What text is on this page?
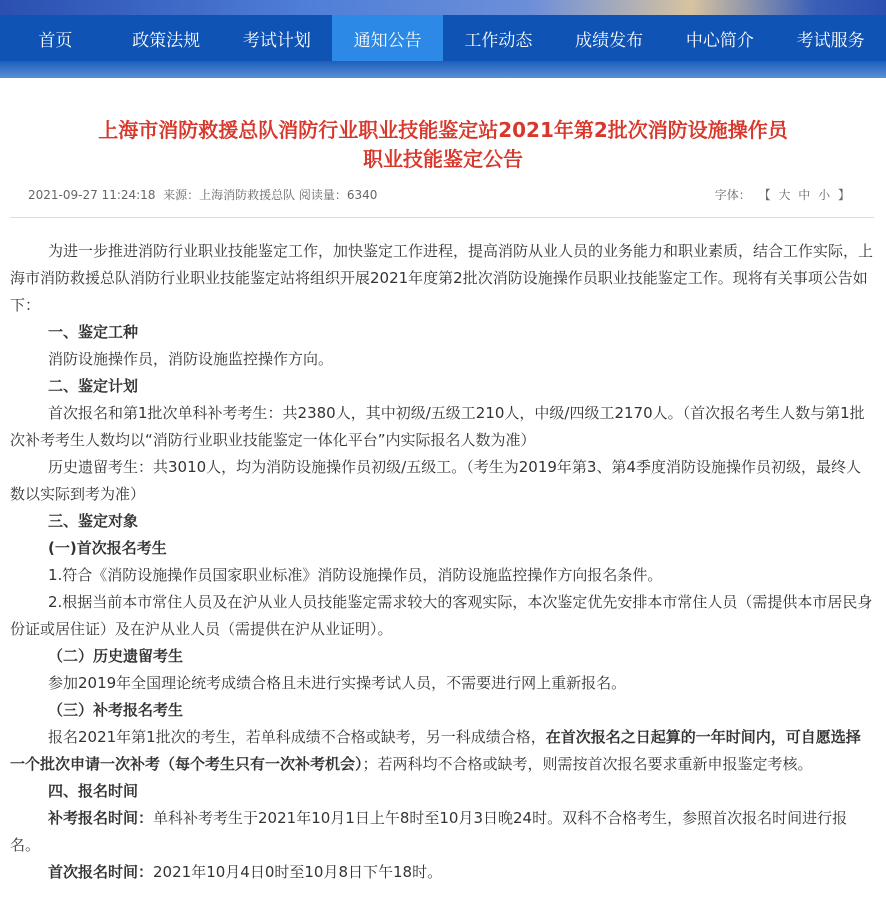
首页	政策法规	考试计划	通知公告	工作动态	成绩发布	中心简介	考试服务
上海市消防救援总队消防行业职业技能鉴定站2021年第2批次消防设施操作员
职业技能鉴定公告
2021-09-27 11:24:18  来源：上海消防救援总队 阅读量：6340	字体： 【 大 中 小 】

为进一步推进消防行业职业技能鉴定工作，加快鉴定工作进程，提高消防从业人员的业务能力和职业素质，结合工作实际，上海市消防救援总队消防行业职业技能鉴定站将组织开展2021年度第2批次消防设施操作员职业技能鉴定工作。现将有关事项公告如下：

一、鉴定工种

消防设施操作员，消防设施监控操作方向。

二、鉴定计划

首次报名和第1批次单科补考考生：共2380人，其中初级/五级工210人，中级/四级工2170人。（首次报名考生人数与第1批次补考考生人数均以“消防行业职业技能鉴定一体化平台”内实际报名人数为准）

历史遗留考生：共3010人，均为消防设施操作员初级/五级工。（考生为2019年第3、第4季度消防设施操作员初级，最终人数以实际到考为准）

三、鉴定对象

(一)首次报名考生

1.符合《消防设施操作员国家职业标准》消防设施操作员，消防设施监控操作方向报名条件。

2.根据当前本市常住人员及在沪从业人员技能鉴定需求较大的客观实际，本次鉴定优先安排本市常住人员（需提供本市居民身份证或居住证）及在沪从业人员（需提供在沪从业证明）。

（二）历史遗留考生

参加2019年全国理论统考成绩合格且未进行实操考试人员，不需要进行网上重新报名。

（三）补考报名考生

报名2021年第1批次的考生，若单科成绩不合格或缺考，另一科成绩合格，在首次报名之日起算的一年时间内，可自愿选择一个批次申请一次补考（每个考生只有一次补考机会）；若两科均不合格或缺考，则需按首次报名要求重新申报鉴定考核。

四、报名时间

补考报名时间：单科补考考生于2021年10月1日上午8时至10月3日晚24时。双科不合格考生，参照首次报名时间进行报名。

首次报名时间：2021年10月4日0时至10月8日下午18时。
